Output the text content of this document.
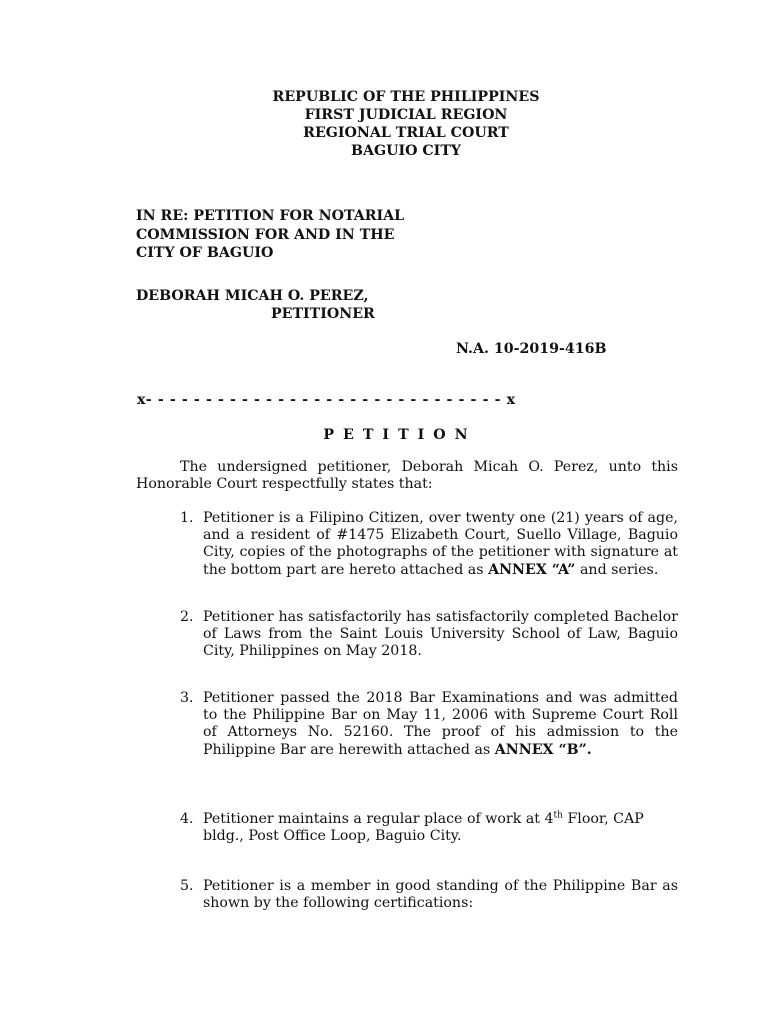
REPUBLIC OF THE PHILIPPINES
FIRST JUDICIAL REGION
REGIONAL TRIAL COURT
BAGUIO CITY
IN RE: PETITION FOR NOTARIAL
COMMISSION FOR AND IN THE
CITY OF BAGUIO
DEBORAH MICAH O. PEREZ,
PETITIONER
N.A. 10-2019-416B
x- - - - - - - - - - - - - - - - - - - - - - - - - - - - - - x
PETITION
The undersigned petitioner, Deborah Micah O. Perez, unto this Honorable Court respectfully states that:
1. Petitioner is a Filipino Citizen, over twenty one (21) years of age, and a resident of #1475 Elizabeth Court, Suello Village, Baguio City, copies of the photographs of the petitioner with signature at the bottom part are hereto attached as ANNEX “A” and series.
2. Petitioner has satisfactorily has satisfactorily completed Bachelor of Laws from the Saint Louis University School of Law, Baguio City, Philippines on May 2018.
3. Petitioner passed the 2018 Bar Examinations and was admitted to the Philippine Bar on May 11, 2006 with Supreme Court Roll of Attorneys No. 52160. The proof of his admission to the Philippine Bar are herewith attached as ANNEX “B”.
4. Petitioner maintains a regular place of work at 4th Floor, CAP bldg., Post Office Loop, Baguio City.
5. Petitioner is a member in good standing of the Philippine Bar as shown by the following certifications:
